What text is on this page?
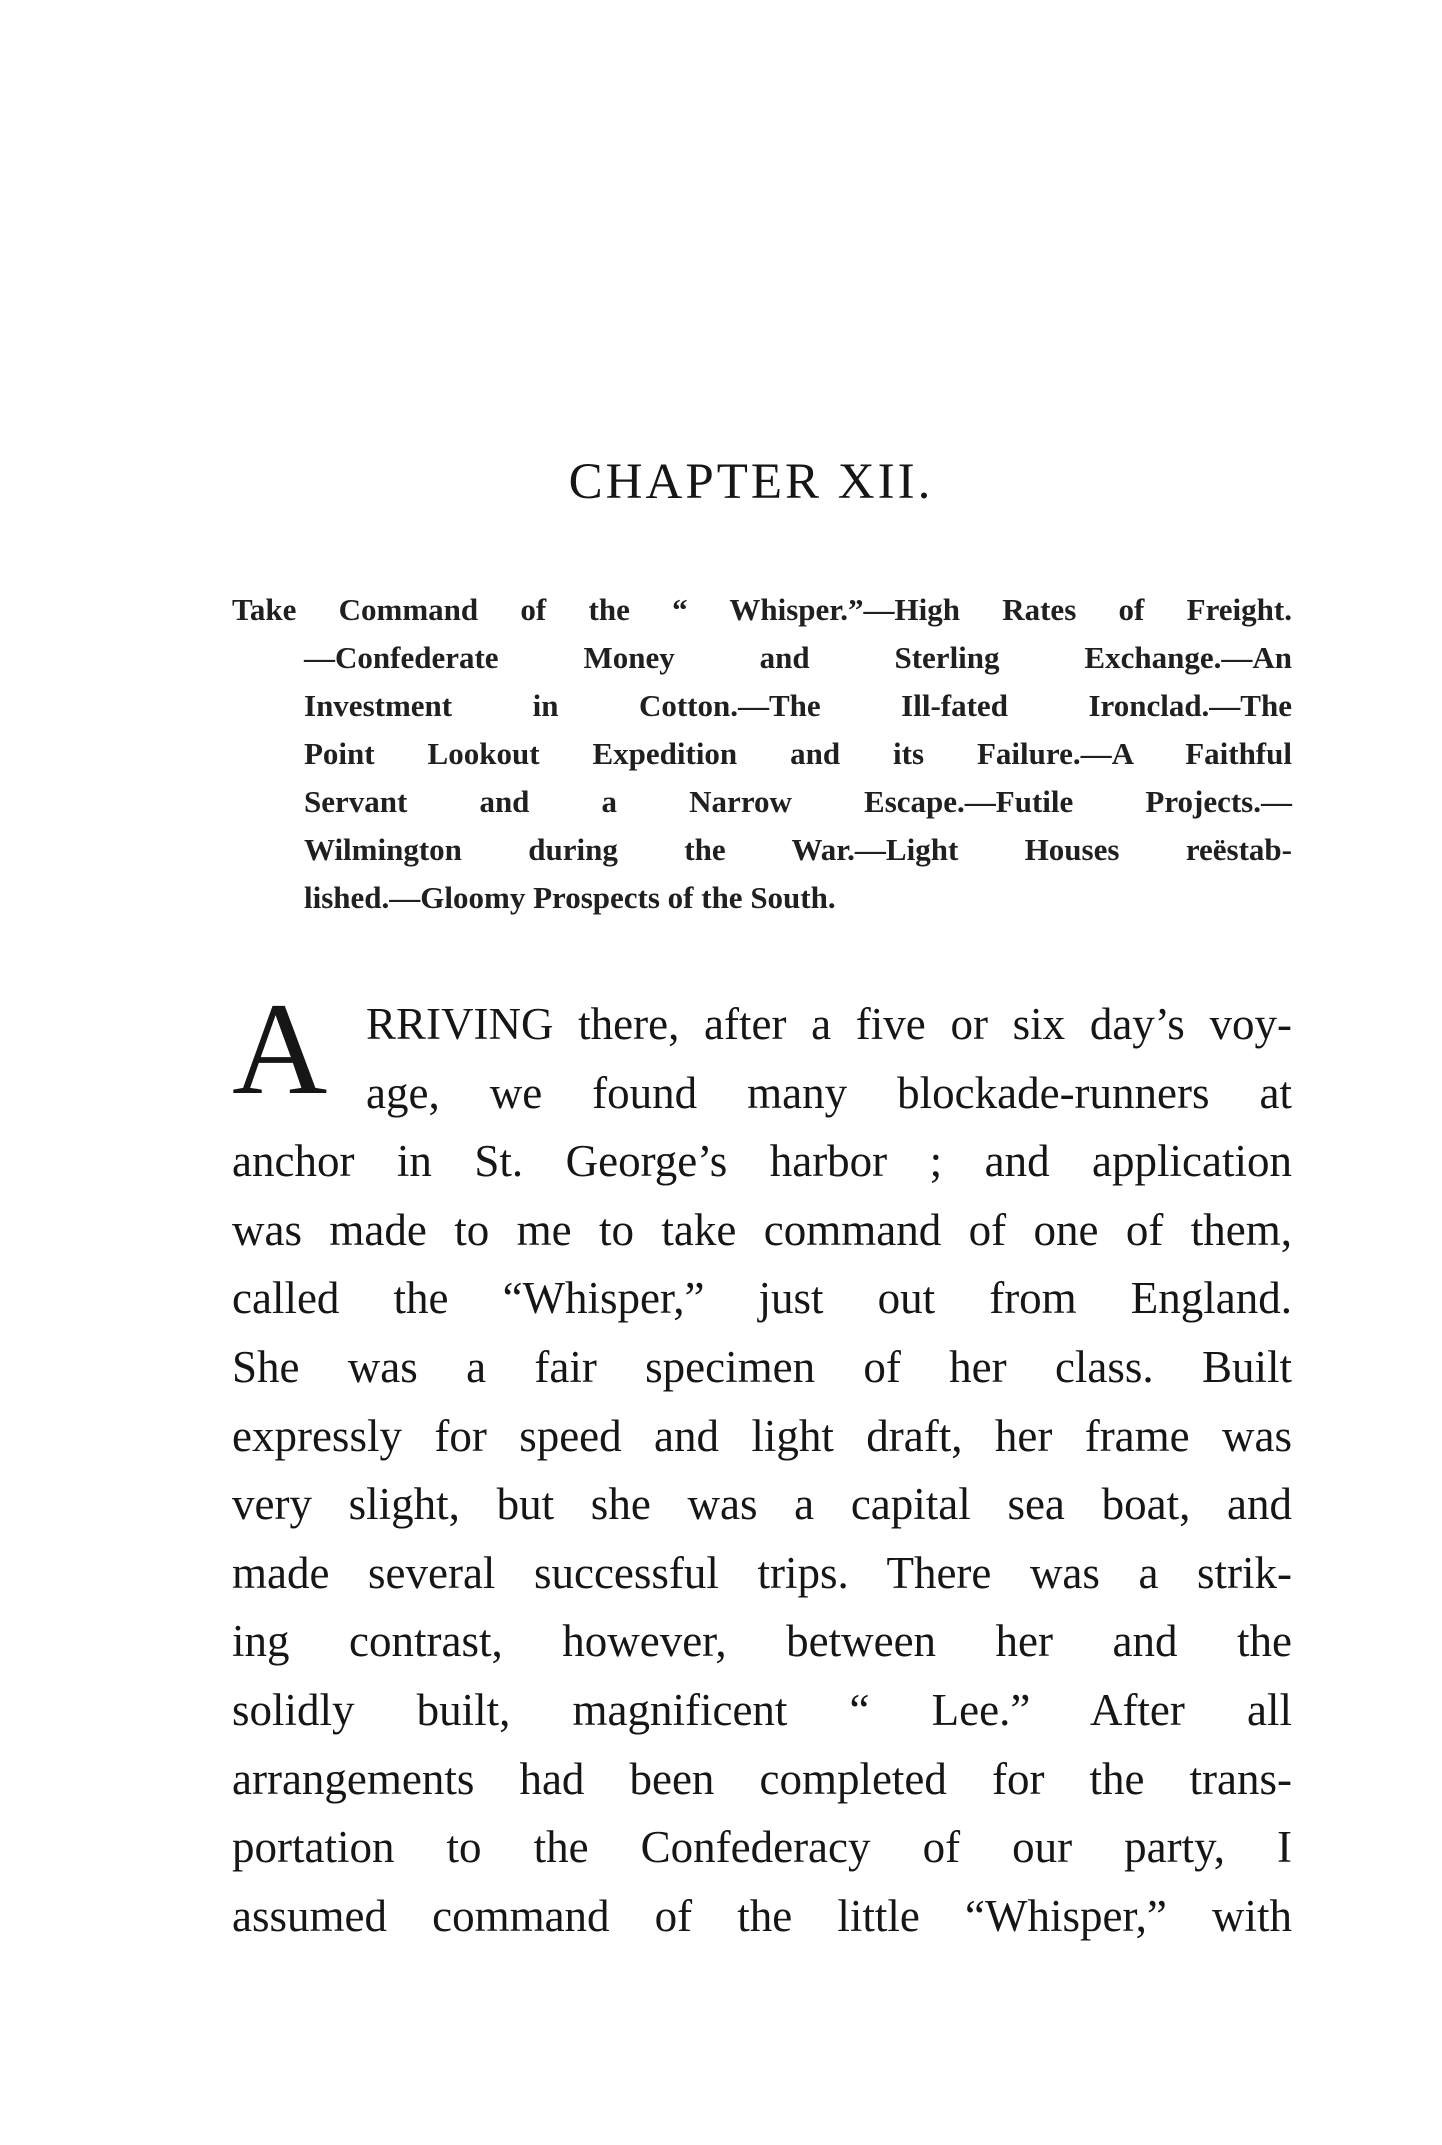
CHAPTER XII.
Take Command of the “ Whisper.”—High Rates of Freight.
—Confederate Money and Sterling Exchange.—An
Investment in Cotton.—The Ill-fated Ironclad.—The
Point Lookout Expedition and its Failure.—A Faithful
Servant and a Narrow Escape.—Futile Projects.—
Wilmington during the War.—Light Houses reëstab-
lished.—Gloomy Prospects of the South.
A RRIVING there, after a five or six day’s voy-
age, we found many blockade-runners at
anchor in St. George’s harbor ; and application
was made to me to take command of one of them,
called the “Whisper,” just out from England.
She was a fair specimen of her class. Built
expressly for speed and light draft, her frame was
very slight, but she was a capital sea boat, and
made several successful trips. There was a strik-
ing contrast, however, between her and the
solidly built, magnificent “ Lee.” After all
arrangements had been completed for the trans-
portation to the Confederacy of our party, I
assumed command of the little “Whisper,” with
